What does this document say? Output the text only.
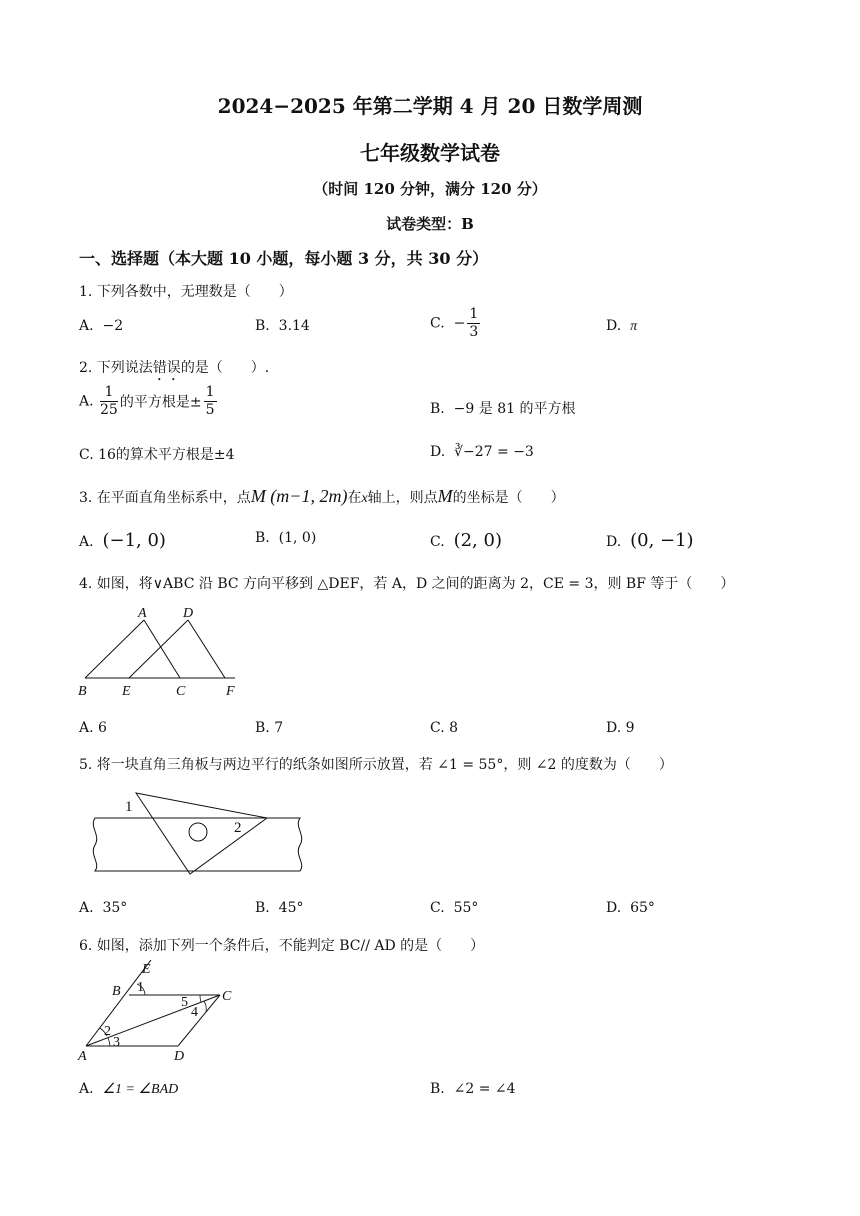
2024−2025 年第二学期 4 月 20 日数学周测
七年级数学试卷
（时间 120 分钟，满分 120 分）
试卷类型：B
一、选择题（本大题 10 小题，每小题 3 分，共 30 分）
1. 下列各数中，无理数是（　　）
A. −2	B. 3.14	C. − $\frac{1}{3}$	D. π
2. 下列说法错误的是（　　）.
A. $\frac{1}{25}$ 的平方根是± $\frac{1}{5}$	B. −9 是 81 的平方根
C. 16的算术平方根是±4	D. ∛−27 = −3
3. 在平面直角坐标系中，点M (m−1, 2m)在x轴上，则点M的坐标是（　　）
A. (−1, 0)	B. (1, 0)	C. (2, 0)	D. (0, −1)
4. 如图，将∨ABC 沿 BC 方向平移到 △DEF，若 A，D 之间的距离为 2，CE = 3，则 BF 等于（　　）
A	D
B	E	C	F
A. 6	B. 7	C. 8	D. 9
5. 将一块直角三角板与两边平行的纸条如图所示放置，若 ∠1 = 55°，则 ∠2 的度数为（　　）
1
2
A. 35°	B. 45°	C. 55°	D. 65°
6. 如图，添加下列一个条件后，不能判定 BC// AD 的是（　　）
E
B 1
5 C
4
2
3
A	D
A. ∠1 = ∠BAD	B. ∠2 = ∠4
